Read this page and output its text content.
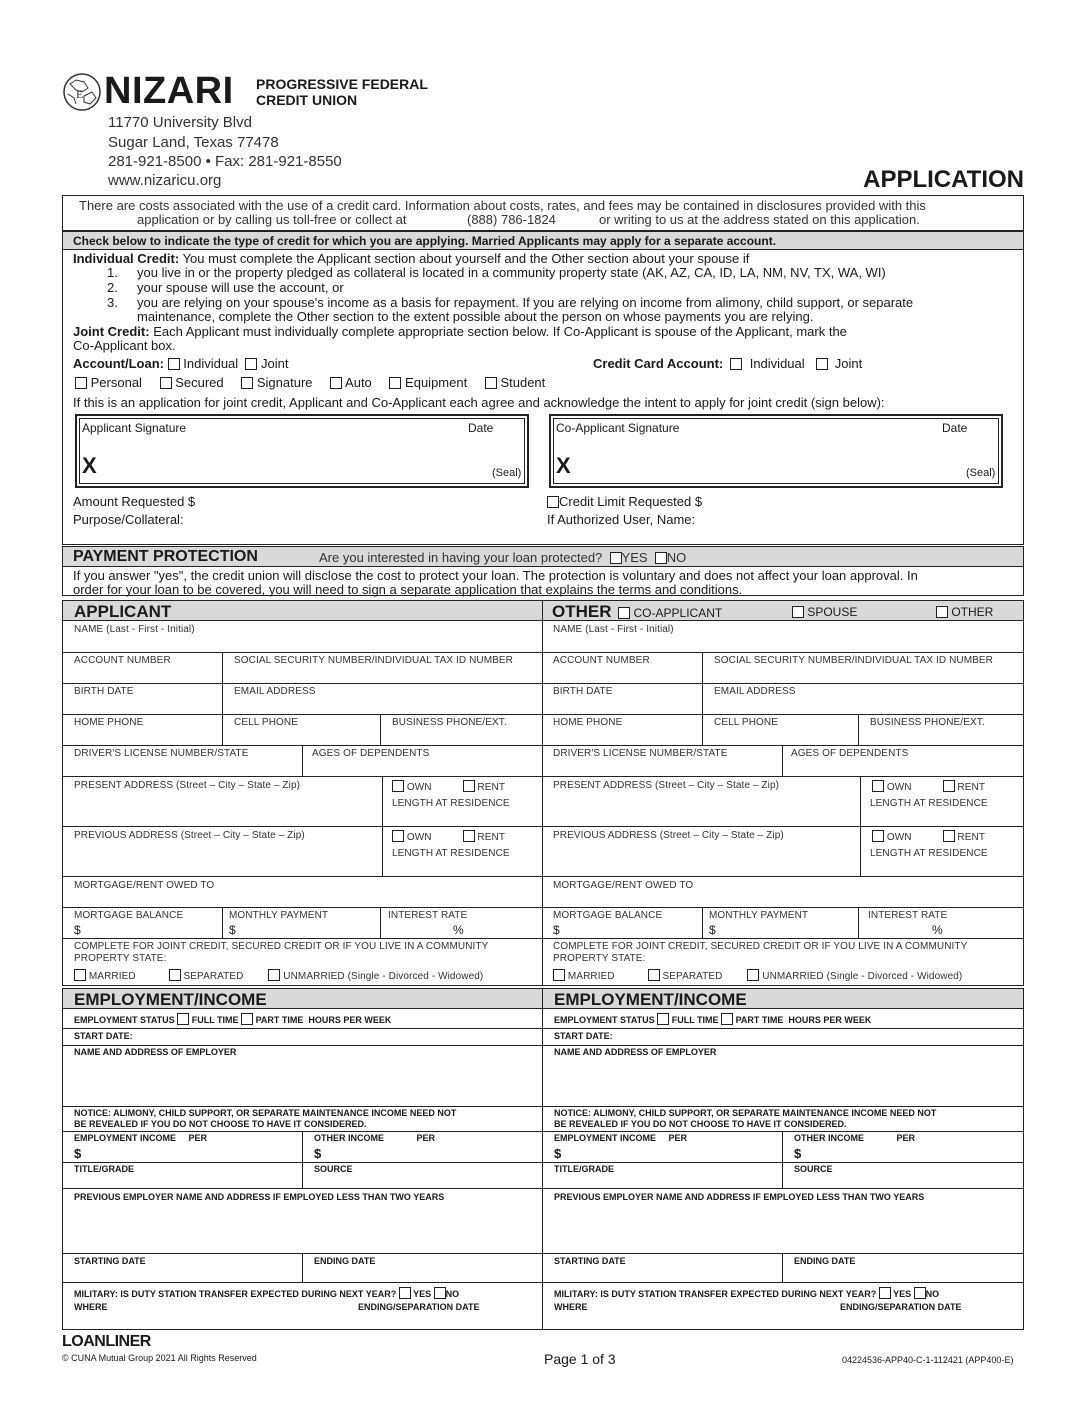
E NIZARI PROGRESSIVE FEDERAL
CREDIT UNION
11770 University Blvd
Sugar Land, Texas 77478
281-921-8500 • Fax: 281-921-8550
www.nizaricu.org	APPLICATION
There are costs associated with the use of a credit card. Information about costs, rates, and fees may be contained in disclosures provided with this
application or by calling us toll-free or collect at	(888) 786-1824	or writing to us at the address stated on this application.
Check below to indicate the type of credit for which you are applying. Married Applicants may apply for a separate account.
Individual Credit: You must complete the Applicant section about yourself and the Other section about your spouse if
1. you live in or the property pledged as collateral is located in a community property state (AK, AZ, CA, ID, LA, NM, NV, TX, WA, WI)
2. your spouse will use the account, or
3. you are relying on your spouse's income as a basis for repayment. If you are relying on income from alimony, child support, or separate
maintenance, complete the Other section to the extent possible about the person on whose payments you are relying.
Joint Credit: Each Applicant must individually complete appropriate section below. If Co-Applicant is spouse of the Applicant, mark the
Co-Applicant box.
Account/Loan: Individual Joint	Credit Card Account: Individual Joint
Personal	Secured	Signature	Auto	Equipment	Student
If this is an application for joint credit, Applicant and Co-Applicant each agree and acknowledge the intent to apply for joint credit (sign below):
Applicant Signature	Date
X	(Seal)
Co-Applicant Signature	Date
X	(Seal)
Amount Requested $
Purpose/Collateral:
Credit Limit Requested $
If Authorized User, Name:
PAYMENT PROTECTION	Are you interested in having your loan protected? YES NO
If you answer "yes", the credit union will disclose the cost to protect your loan. The protection is voluntary and does not affect your loan approval. In
order for your loan to be covered, you will need to sign a separate application that explains the terms and conditions.
APPLICANT	OTHER CO-APPLICANT	SPOUSE	OTHER
NAME (Last - First - Initial)
ACCOUNT NUMBER	SOCIAL SECURITY NUMBER/INDIVIDUAL TAX ID NUMBER
BIRTH DATE	EMAIL ADDRESS
HOME PHONE	CELL PHONE	BUSINESS PHONE/EXT.
DRIVER'S LICENSE NUMBER/STATE	AGES OF DEPENDENTS
PRESENT ADDRESS (Street – City – State – Zip)	OWN	RENT
LENGTH AT RESIDENCE
PREVIOUS ADDRESS (Street – City – State – Zip)	OWN	RENT
LENGTH AT RESIDENCE
MORTGAGE/RENT OWED TO
MORTGAGE BALANCE	MONTHLY PAYMENT	INTEREST RATE
$	$	%
COMPLETE FOR JOINT CREDIT, SECURED CREDIT OR IF YOU LIVE IN A COMMUNITY
PROPERTY STATE:
MARRIED	SEPARATED	UNMARRIED (Single - Divorced - Widowed)
NAME (Last - First - Initial)
ACCOUNT NUMBER	SOCIAL SECURITY NUMBER/INDIVIDUAL TAX ID NUMBER
BIRTH DATE	EMAIL ADDRESS
HOME PHONE	CELL PHONE	BUSINESS PHONE/EXT.
DRIVER'S LICENSE NUMBER/STATE	AGES OF DEPENDENTS
PRESENT ADDRESS (Street – City – State – Zip)	OWN	RENT
LENGTH AT RESIDENCE
PREVIOUS ADDRESS (Street – City – State – Zip)	OWN	RENT
LENGTH AT RESIDENCE
MORTGAGE/RENT OWED TO
MORTGAGE BALANCE	MONTHLY PAYMENT	INTEREST RATE
$	$	%
COMPLETE FOR JOINT CREDIT, SECURED CREDIT OR IF YOU LIVE IN A COMMUNITY
PROPERTY STATE:
MARRIED	SEPARATED	UNMARRIED (Single - Divorced - Widowed)
EMPLOYMENT/INCOME	EMPLOYMENT/INCOME
EMPLOYMENT STATUS FULL TIME PART TIME HOURS PER WEEK
START DATE:
NAME AND ADDRESS OF EMPLOYER
NOTICE: ALIMONY, CHILD SUPPORT, OR SEPARATE MAINTENANCE INCOME NEED NOT
BE REVEALED IF YOU DO NOT CHOOSE TO HAVE IT CONSIDERED.
EMPLOYMENT INCOME PER	OTHER INCOME	PER
$	$
TITLE/GRADE	SOURCE
PREVIOUS EMPLOYER NAME AND ADDRESS IF EMPLOYED LESS THAN TWO YEARS
STARTING DATE	ENDING DATE
MILITARY: IS DUTY STATION TRANSFER EXPECTED DURING NEXT YEAR? YES NO
WHERE	ENDING/SEPARATION DATE
EMPLOYMENT STATUS FULL TIME PART TIME HOURS PER WEEK
START DATE:
NAME AND ADDRESS OF EMPLOYER
NOTICE: ALIMONY, CHILD SUPPORT, OR SEPARATE MAINTENANCE INCOME NEED NOT
BE REVEALED IF YOU DO NOT CHOOSE TO HAVE IT CONSIDERED.
EMPLOYMENT INCOME PER	OTHER INCOME	PER
$	$
TITLE/GRADE	SOURCE
PREVIOUS EMPLOYER NAME AND ADDRESS IF EMPLOYED LESS THAN TWO YEARS
STARTING DATE	ENDING DATE
MILITARY: IS DUTY STATION TRANSFER EXPECTED DURING NEXT YEAR? YES NO
WHERE	ENDING/SEPARATION DATE
LOANLINER
© CUNA Mutual Group 2021 All Rights Reserved	Page 1 of 3	04224536-APP40-C-1-112421 (APP400-E)
